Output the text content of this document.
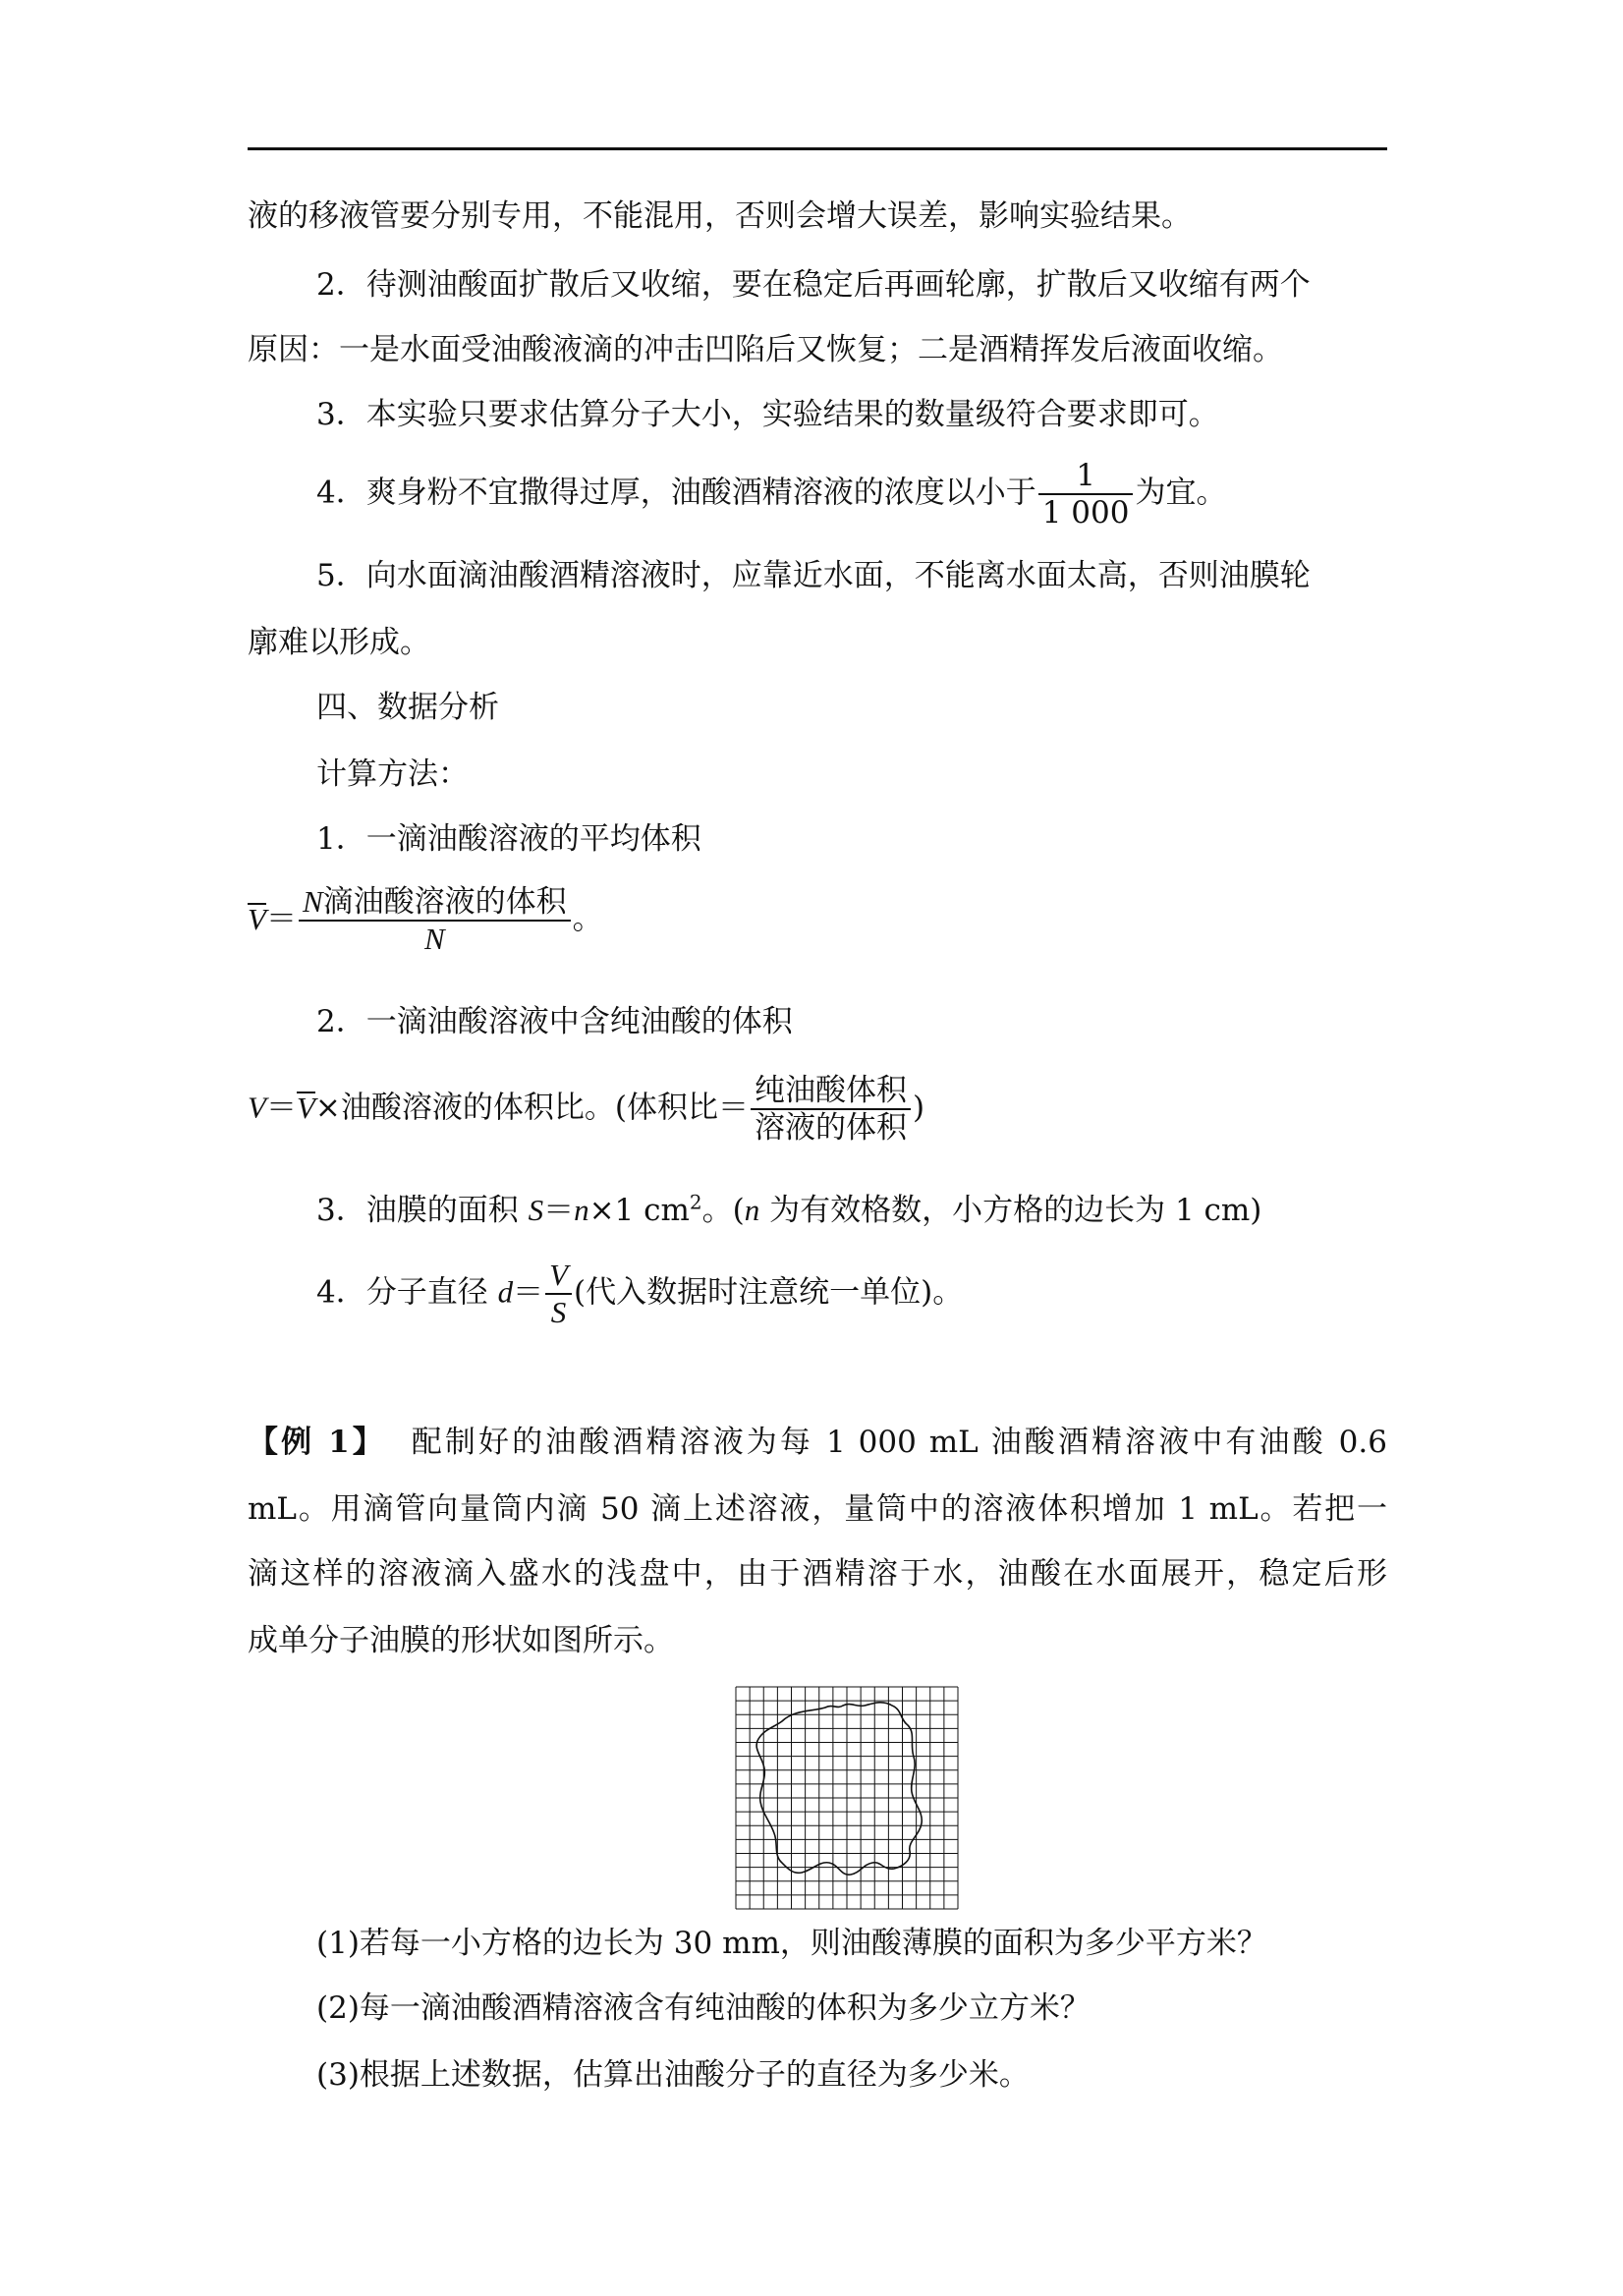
液的移液管要分别专用，不能混用，否则会增大误差，影响实验结果。
2．待测油酸面扩散后又收缩，要在稳定后再画轮廓，扩散后又收缩有两个
原因：一是水面受油酸液滴的冲击凹陷后又恢复；二是酒精挥发后液面收缩。
3．本实验只要求估算分子大小，实验结果的数量级符合要求即可。
4．爽身粉不宜撒得过厚，油酸酒精溶液的浓度以小于 $\frac{1}{1 000}$ 为宜。
5．向水面滴油酸酒精溶液时，应靠近水面，不能离水面太高，否则油膜轮
廓难以形成。
四、数据分析
计算方法：
1．一滴油酸溶液的平均体积
$V= \frac{\text{N滴油酸溶液的体积}}{N}$ 。
2．一滴油酸溶液中含纯油酸的体积
V＝V×油酸溶液的体积比。(体积比＝ $\frac{\text{纯油酸体积}}{\text{溶液的体积}}$ )
3．油膜的面积 S＝n×1 $cm^2$。(n 为有效格数，小方格的边长为 1 cm)
4．分子直径 $d= \frac{V}{S}$ (代入数据时注意统一单位)。
【例 1】 配制好的油酸酒精溶液为每 1 000 mL 油酸酒精溶液中有油酸 0.6
mL。用滴管向量筒内滴 50 滴上述溶液，量筒中的溶液体积增加 1 mL。若把一
滴这样的溶液滴入盛水的浅盘中，由于酒精溶于水，油酸在水面展开，稳定后形
成单分子油膜的形状如图所示。
(1)若每一小方格的边长为 30 mm，则油酸薄膜的面积为多少平方米？
(2)每一滴油酸酒精溶液含有纯油酸的体积为多少立方米？
(3)根据上述数据，估算出油酸分子的直径为多少米。
